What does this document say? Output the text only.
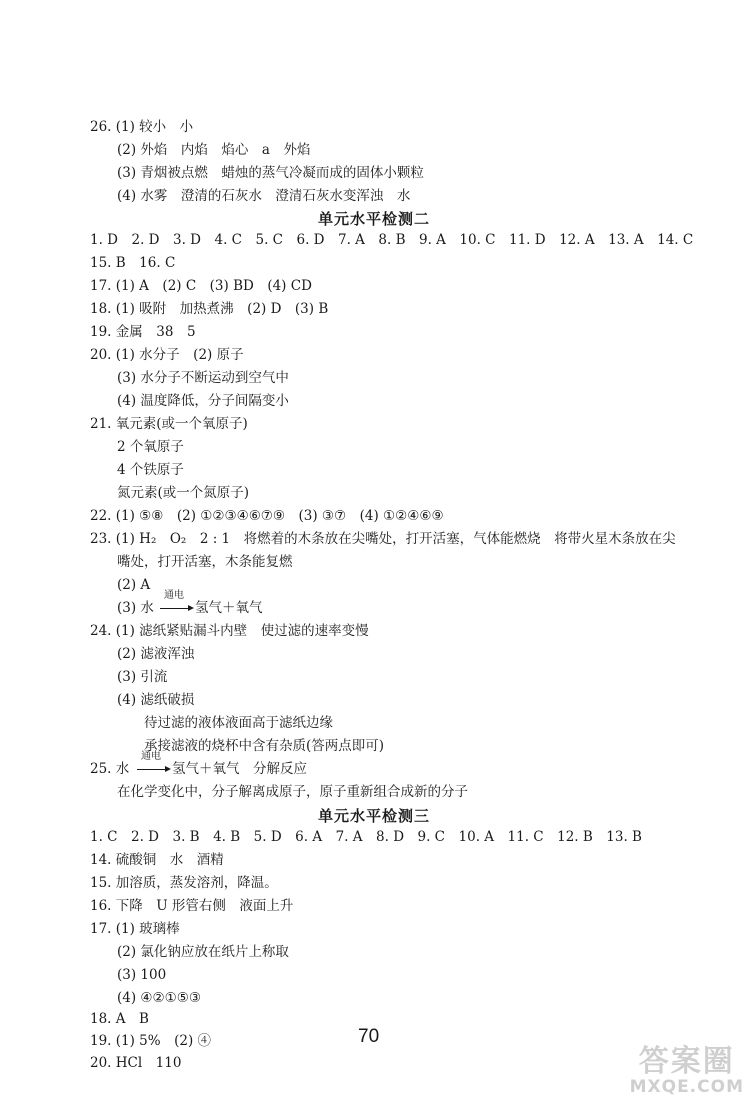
26. (1) 较小　小
(2) 外焰　内焰　焰心　a　外焰
(3) 青烟被点燃　蜡烛的蒸气冷凝而成的固体小颗粒
(4) 水雾　澄清的石灰水　澄清石灰水变浑浊　水
单元水平检测二
1. D　2. D　3. D　4. C　5. C　6. D　7. A　8. B　9. A　10. C　11. D　12. A　13. A　14. C
15. B　16. C
17. (1) A　(2) C　(3) BD　(4) CD
18. (1) 吸附　加热煮沸　(2) D　(3) B
19. 金属　38　5
20. (1) 水分子　(2) 原子
(3) 水分子不断运动到空气中
(4) 温度降低，分子间隔变小
21. 氧元素(或一个氧原子)
2 个氧原子
4 个铁原子
氮元素(或一个氮原子)
22. (1) ⑤⑧　(2) ①②③④⑥⑦⑨　(3) ③⑦　(4) ①②④⑥⑨
23. (1) H₂　O₂　2 : 1　将燃着的木条放在尖嘴处，打开活塞，气体能燃烧　将带火星木条放在尖
嘴处，打开活塞，木条能复燃
(2) A
(3) 水
通电
氢气＋氧气
24. (1) 滤纸紧贴漏斗内壁　使过滤的速率变慢
(2) 滤液浑浊
(3) 引流
(4) 滤纸破损
待过滤的液体液面高于滤纸边缘
承接滤液的烧杯中含有杂质(答两点即可)
25. 水
通电
氢气＋氧气　分解反应
在化学变化中，分子解离成原子，原子重新组合成新的分子
单元水平检测三
1. C　2. D　3. B　4. B　5. D　6. A　7. A　8. D　9. C　10. A　11. C　12. B　13. B
14. 硫酸铜　水　酒精
15. 加溶质，蒸发溶剂，降温。
16. 下降　U 形管右侧　液面上升
17. (1) 玻璃棒
(2) 氯化钠应放在纸片上称取
(3) 100
(4) ④②①⑤③
18. A　B
19. (1) 5%　(2) ④
20. HCl　110
70
答案圈
MXQE.COM
